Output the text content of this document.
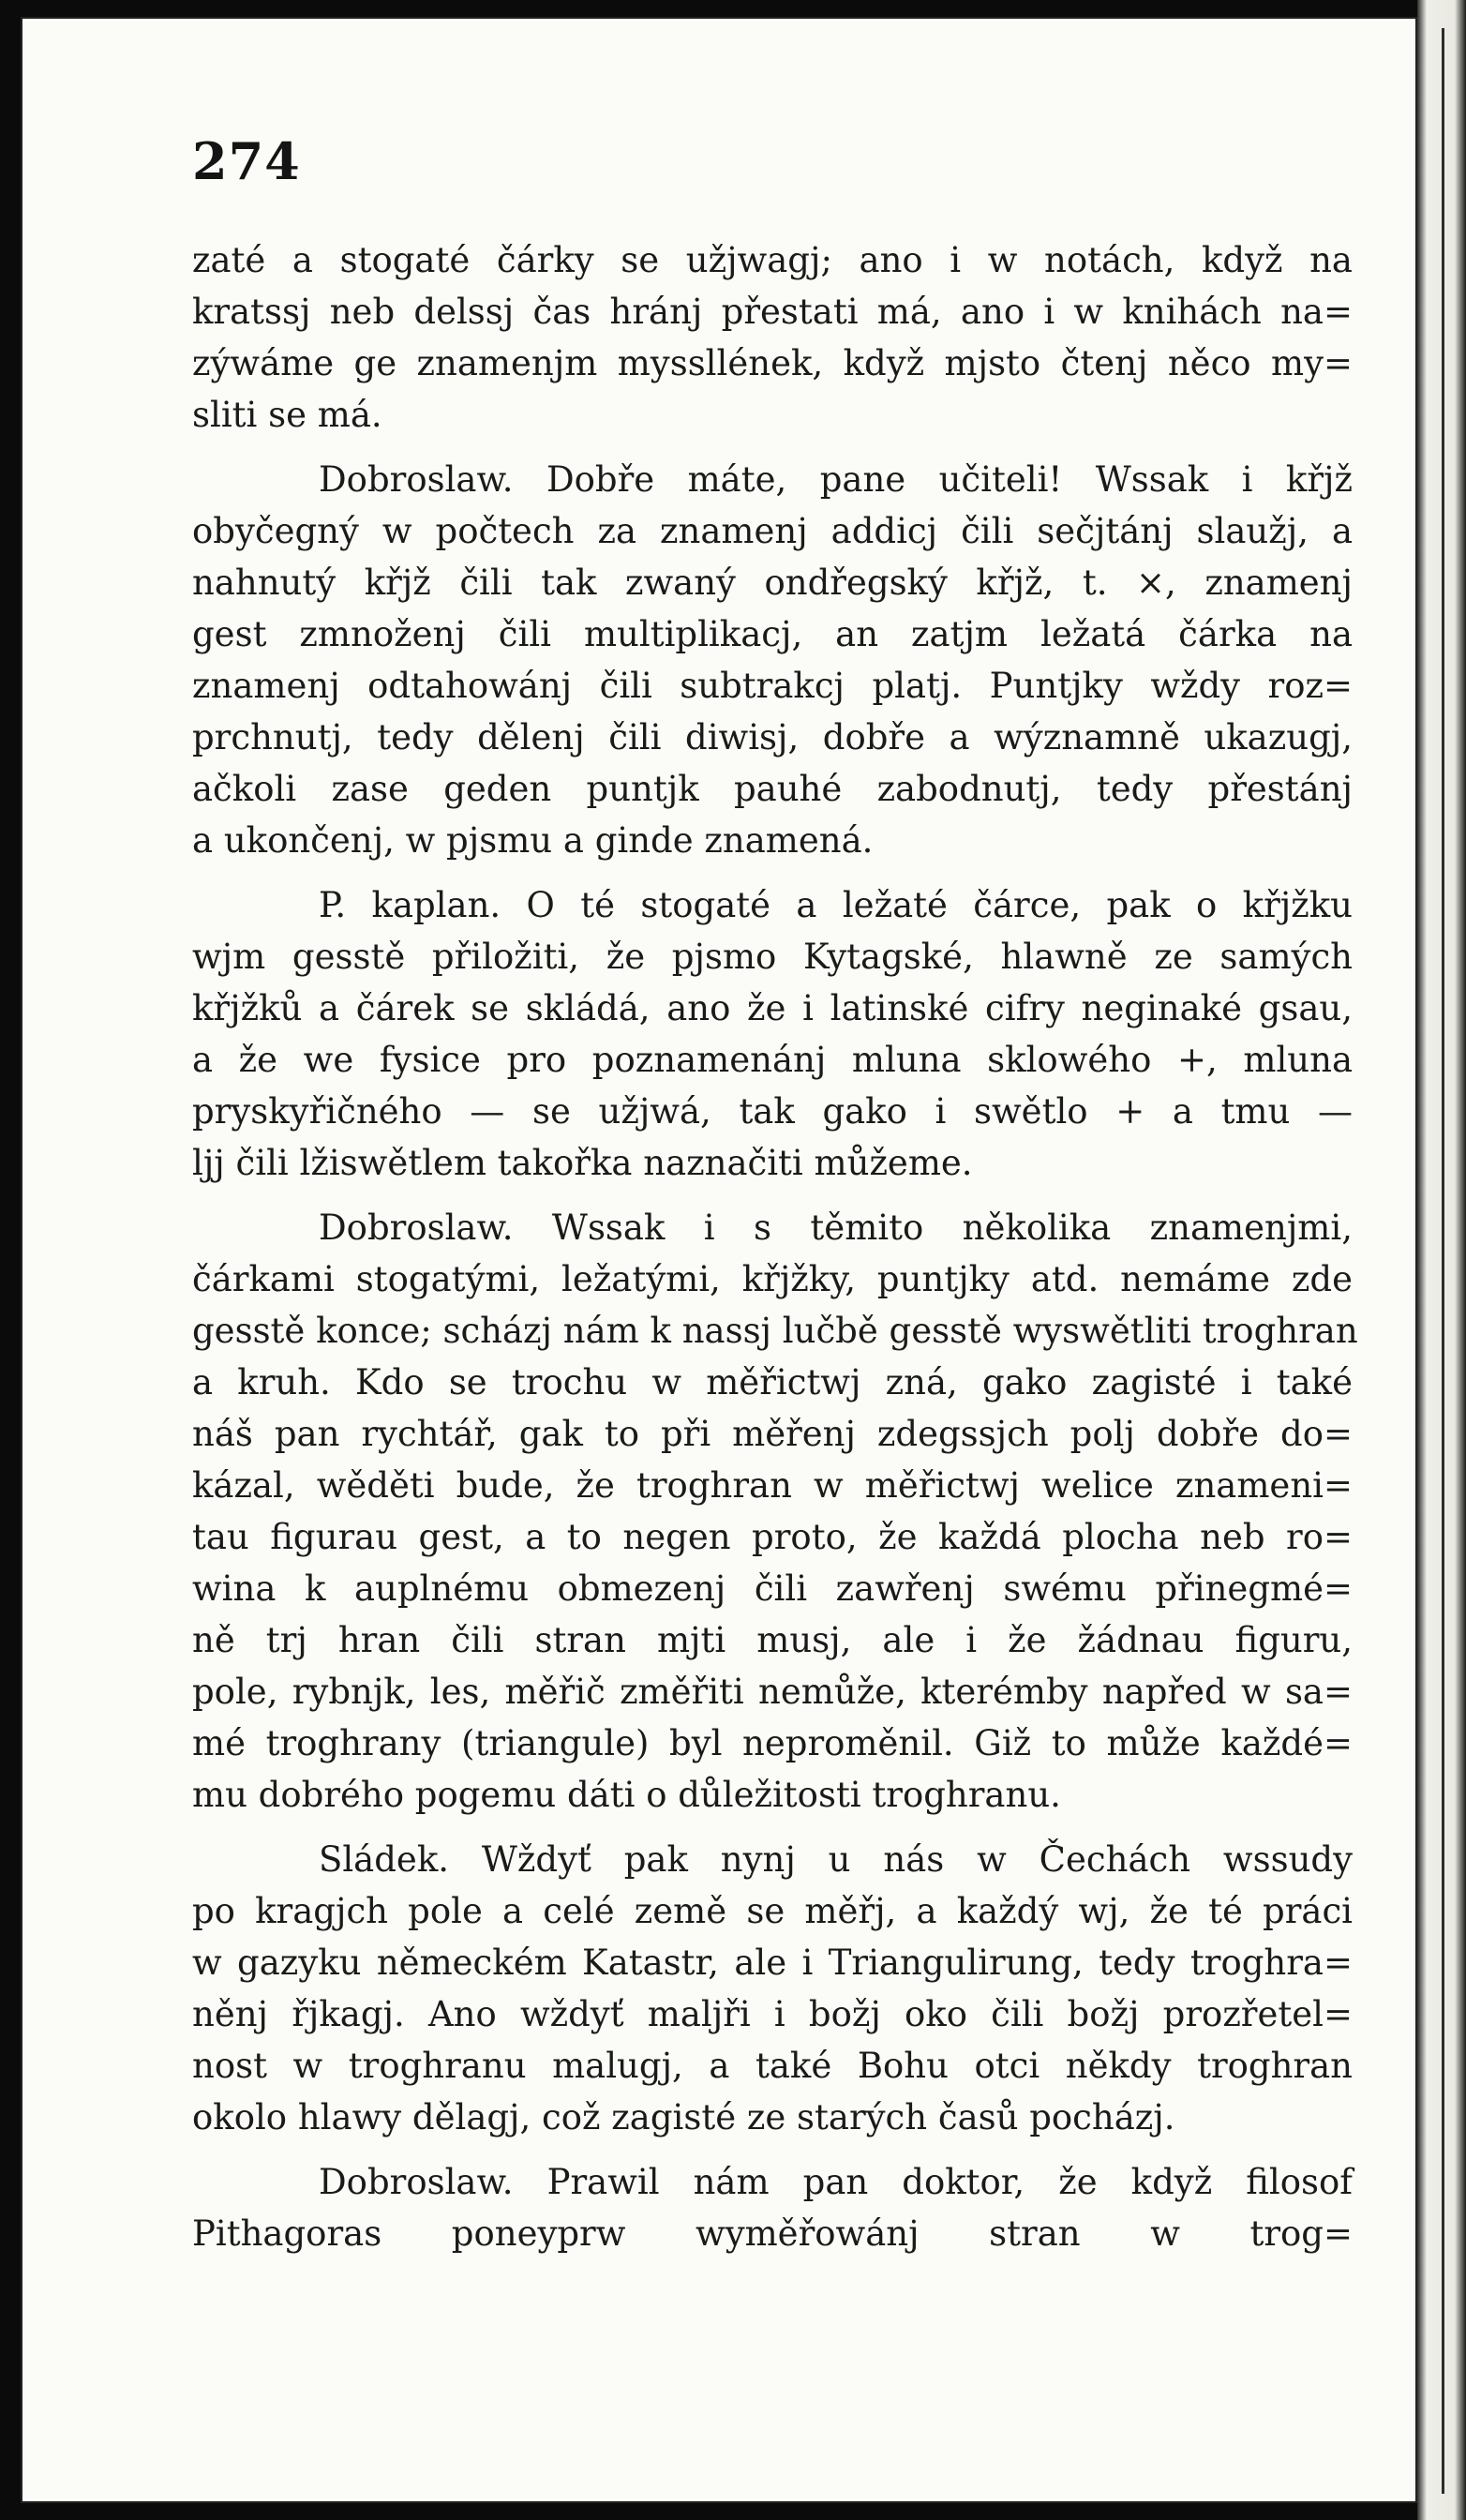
274
zaté a stogaté čárky se užjwagj; ano i w notách, když na
kratssj neb delssj čas hránj přestati má, ano i w knihách na=
zýwáme ge znamenjm myssllének, když mjsto čtenj něco my=
sliti se má.
Dobroslaw. Dobře máte, pane učiteli! Wssak i křjž
obyčegný w počtech za znamenj addicj čili sečjtánj slaužj, a
nahnutý křjž čili tak zwaný ondřegský křjž, t. ×, znamenj
gest zmnoženj čili multiplikacj, an zatjm ležatá čárka na
znamenj odtahowánj čili subtrakcj platj. Puntjky wždy roz=
prchnutj, tedy dělenj čili diwisj, dobře a wýznamně ukazugj,
ačkoli zase geden puntjk pauhé zabodnutj, tedy přestánj
a ukončenj, w pjsmu a ginde znamená.
P. kaplan. O té stogaté a ležaté čárce, pak o křjžku
wjm gesstě přiložiti, že pjsmo Kytagské, hlawně ze samých
křjžků a čárek se skládá, ano že i latinské cifry neginaké gsau,
a že we fysice pro poznamenánj mluna sklowého +, mluna
pryskyřičného — se užjwá, tak gako i swětlo + a tmu —
ljj čili lžiswětlem takořka naznačiti můžeme.
Dobroslaw. Wssak i s těmito několika znamenjmi,
čárkami stogatými, ležatými, křjžky, puntjky atd. nemáme zde
gesstě konce; scházj nám k nassj lučbě gesstě wyswětliti troghran
a kruh. Kdo se trochu w měřictwj zná, gako zagisté i také
náš pan rychtář, gak to při měřenj zdegssjch polj dobře do=
kázal, wěděti bude, že troghran w měřictwj welice znameni=
tau figurau gest, a to negen proto, že každá plocha neb ro=
wina k auplnému obmezenj čili zawřenj swému přinegmé=
ně trj hran čili stran mjti musj, ale i že žádnau figuru,
pole, rybnjk, les, měřič změřiti nemůže, kterémby napřed w sa=
mé troghrany (triangule) byl neproměnil. Giž to může každé=
mu dobrého pogemu dáti o důležitosti troghranu.
Sládek. Wždyť pak nynj u nás w Čechách wssudy
po kragjch pole a celé země se měřj, a každý wj, že té práci
w gazyku německém Katastr, ale i Triangulirung, tedy troghra=
něnj řjkagj. Ano wždyť maljři i božj oko čili božj prozřetel=
nost w troghranu malugj, a také Bohu otci někdy troghran
okolo hlawy dělagj, což zagisté ze starých časů pocházj.
Dobroslaw. Prawil nám pan doktor, že když filosof
Pithagoras poneyprw wyměřowánj stran w trog=
